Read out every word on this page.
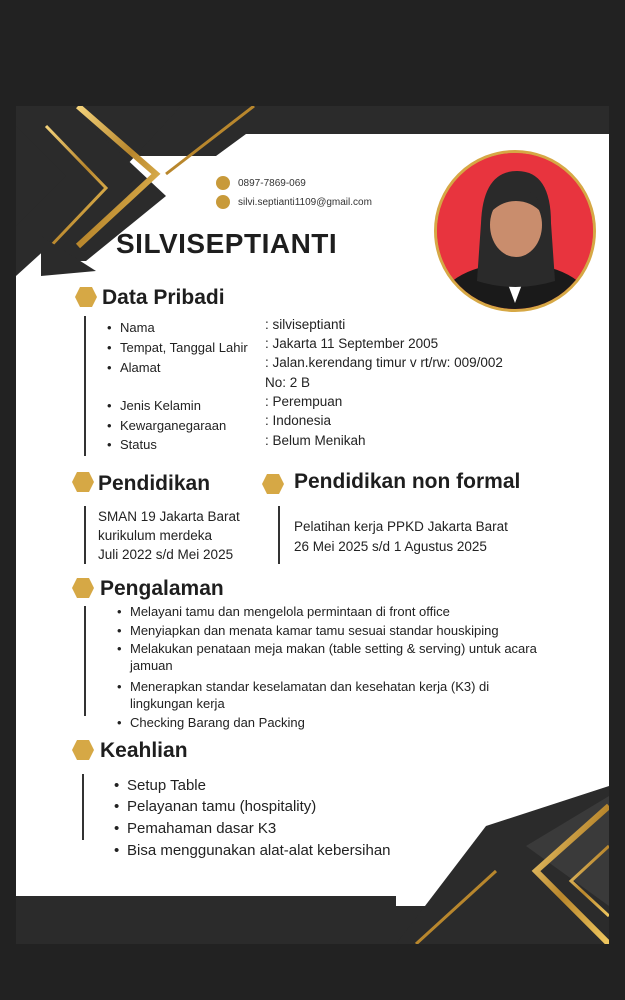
0897-7869-069
silvi.septianti1109@gmail.com
SILVISEPTIANTI
Data Pribadi
• Nama	: silviseptianti
• Tempat, Tanggal Lahir : Jakarta 11 September 2005
• Alamat	: Jalan.kerendang timur v rt/rw: 009/002
No: 2 B
• Jenis Kelamin	: Perempuan
• Kewarganegaraan	: Indonesia
• Status	: Belum Menikah
Pendidikan
SMAN 19 Jakarta Barat
kurikulum merdeka
Juli 2022 s/d Mei 2025
Pendidikan non formal
Pelatihan kerja PPKD Jakarta Barat
26 Mei 2025 s/d 1 Agustus 2025
Pengalaman
• Melayani tamu dan mengelola permintaan di front office
• Menyiapkan dan menata kamar tamu sesuai standar houskiping
• Melakukan penataan meja makan (table setting & serving) untuk acara
jamuan
• Menerapkan standar keselamatan dan kesehatan kerja (K3) di
lingkungan kerja
• Checking Barang dan Packing
Keahlian
• Setup Table
• Pelayanan tamu (hospitality)
• Pemahaman dasar K3
• Bisa menggunakan alat-alat kebersihan
